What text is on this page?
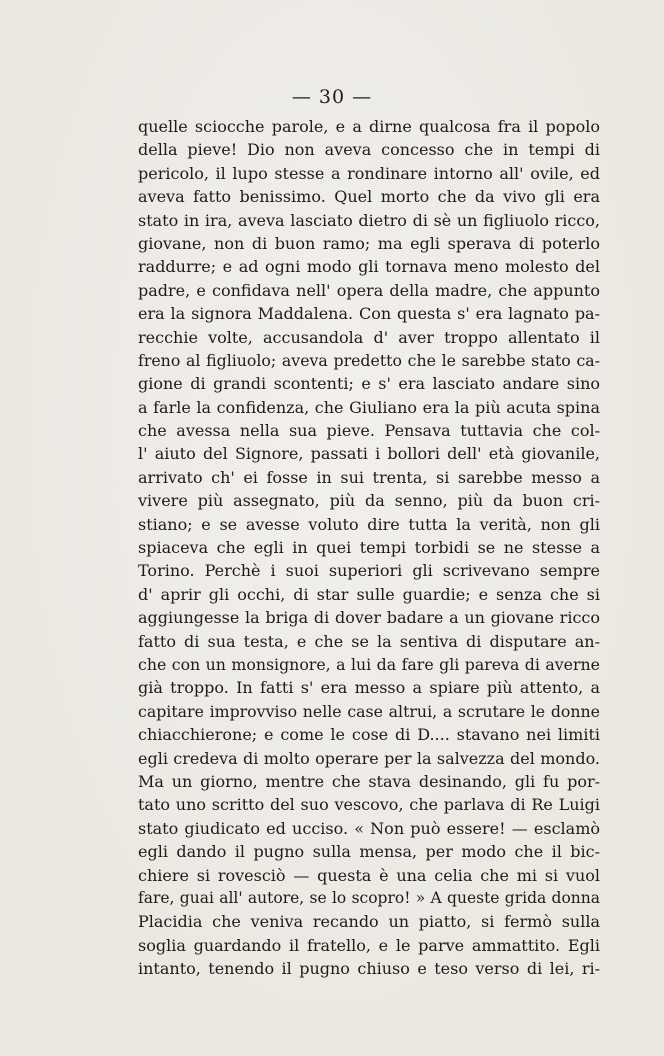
— 30 —
quelle sciocche parole, e a dirne qualcosa fra il popolo
della pieve! Dio non aveva concesso che in tempi di
pericolo, il lupo stesse a rondinare intorno all' ovile, ed
aveva fatto benissimo. Quel morto che da vivo gli era
stato in ira, aveva lasciato dietro di sè un figliuolo ricco,
giovane, non di buon ramo; ma egli sperava di poterlo
raddurre; e ad ogni modo gli tornava meno molesto del
padre, e confidava nell' opera della madre, che appunto
era la signora Maddalena. Con questa s' era lagnato pa-
recchie volte, accusandola d' aver troppo allentato il
freno al figliuolo; aveva predetto che le sarebbe stato ca-
gione di grandi scontenti; e s' era lasciato andare sino
a farle la confidenza, che Giuliano era la più acuta spina
che avessa nella sua pieve. Pensava tuttavia che col-
l' aiuto del Signore, passati i bollori dell' età giovanile,
arrivato ch' ei fosse in sui trenta, si sarebbe messo a
vivere più assegnato, più da senno, più da buon cri-
stiano; e se avesse voluto dire tutta la verità, non gli
spiaceva che egli in quei tempi torbidi se ne stesse a
Torino. Perchè i suoi superiori gli scrivevano sempre
d' aprir gli occhi, di star sulle guardie; e senza che si
aggiungesse la briga di dover badare a un giovane ricco
fatto di sua testa, e che se la sentiva di disputare an-
che con un monsignore, a lui da fare gli pareva di averne
già troppo. In fatti s' era messo a spiare più attento, a
capitare improvviso nelle case altrui, a scrutare le donne
chiacchierone; e come le cose di D.... stavano nei limiti
egli credeva di molto operare per la salvezza del mondo.
Ma un giorno, mentre che stava desinando, gli fu por-
tato uno scritto del suo vescovo, che parlava di Re Luigi
stato giudicato ed ucciso. « Non può essere! — esclamò
egli dando il pugno sulla mensa, per modo che il bic-
chiere si rovesciò — questa è una celia che mi si vuol
fare, guai all' autore, se lo scopro! » A queste grida donna
Placidia che veniva recando un piatto, si fermò sulla
soglia guardando il fratello, e le parve ammattito. Egli
intanto, tenendo il pugno chiuso e teso verso di lei, ri-
